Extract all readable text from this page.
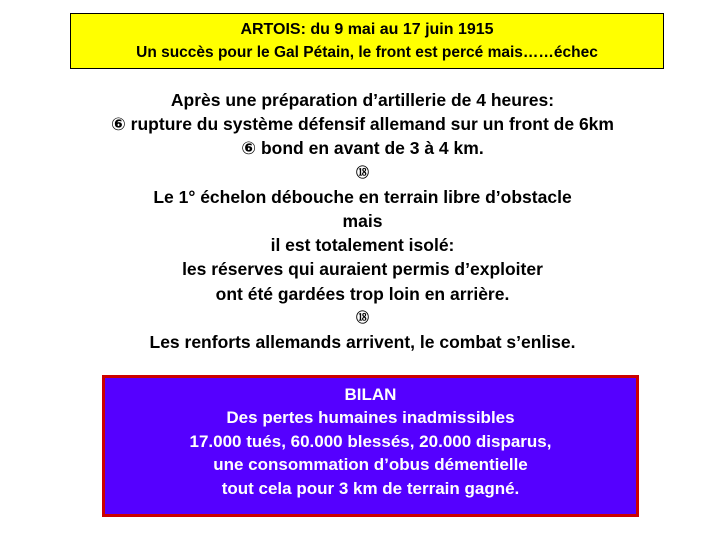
ARTOIS: du 9 mai au 17 juin 1915
Un succès pour le Gal Pétain, le front est percé mais……échec
Après une préparation d’artillerie de 4 heures:
⑥ rupture du système défensif allemand sur un front de 6km
⑥ bond en avant de 3 à 4 km.
⑱
Le 1° échelon débouche en terrain libre d’obstacle
mais
il est totalement isolé:
les réserves qui auraient permis d’exploiter
ont été gardées trop loin en arrière.
⑱
Les renforts allemands arrivent, le combat s’enlise.
BILAN
Des pertes humaines inadmissibles
17.000 tués, 60.000 blessés, 20.000 disparus,
une consommation d’obus démentielle
tout cela pour 3 km de terrain gagné.
